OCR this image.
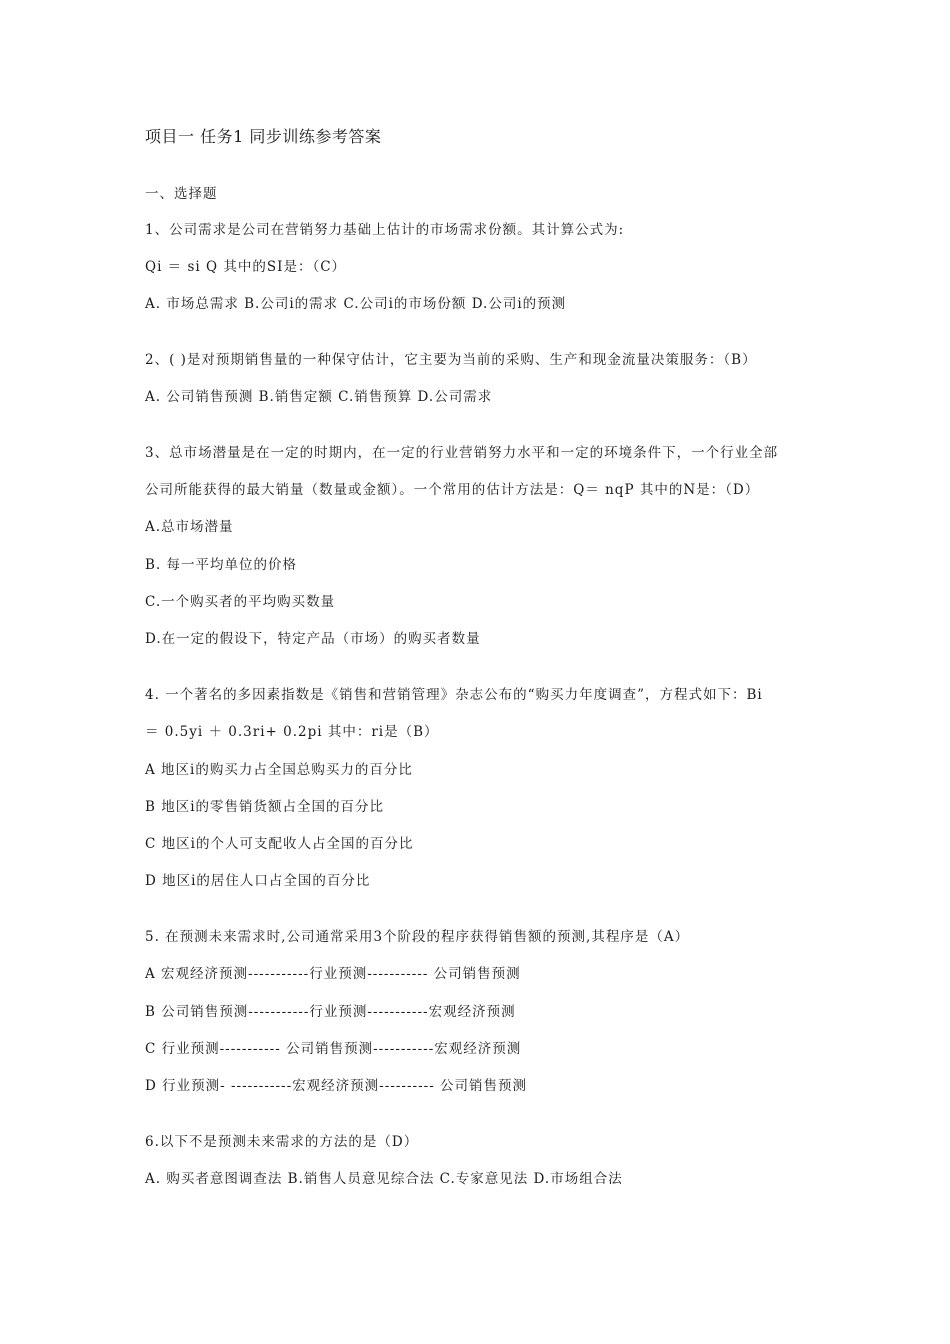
项目一 任务1 同步训练参考答案
一、选择题
1、公司需求是公司在营销努力基础上估计的市场需求份额。其计算公式为:
Qi ＝ si Q 其中的SI是：（C）
A. 市场总需求 B.公司i的需求 C.公司i的市场份额 D.公司i的预测
2、( )是对预期销售量的一种保守估计，它主要为当前的采购、生产和现金流量决策服务：（B）
A. 公司销售预测 B.销售定额 C.销售预算 D.公司需求
3、总市场潜量是在一定的时期内，在一定的行业营销努力水平和一定的环境条件下，一个行业全部
公司所能获得的最大销量（数量或金额）。一个常用的估计方法是：Q＝ nqP 其中的N是：（D）
A.总市场潜量
B. 每一平均单位的价格
C.一个购买者的平均购买数量
D.在一定的假设下，特定产品（市场）的购买者数量
4. 一个著名的多因素指数是《销售和营销管理》杂志公布的“购买力年度调查”，方程式如下：Bi
＝ 0.5yi ＋ 0.3ri+ 0.2pi 其中：ri是（B）
A 地区i的购买力占全国总购买力的百分比
B 地区i的零售销货额占全国的百分比
C 地区i的个人可支配收人占全国的百分比
D 地区i的居住人口占全国的百分比
5. 在预测未来需求时,公司通常采用3个阶段的程序获得销售额的预测,其程序是（A）
A 宏观经济预测-----------行业预测----------- 公司销售预测
B 公司销售预测-----------行业预测-----------宏观经济预测
C 行业预测----------- 公司销售预测-----------宏观经济预测
D 行业预测- -----------宏观经济预测---------- 公司销售预测
6.以下不是预测未来需求的方法的是（D）
A. 购买者意图调查法 B.销售人员意见综合法 C.专家意见法 D.市场组合法
